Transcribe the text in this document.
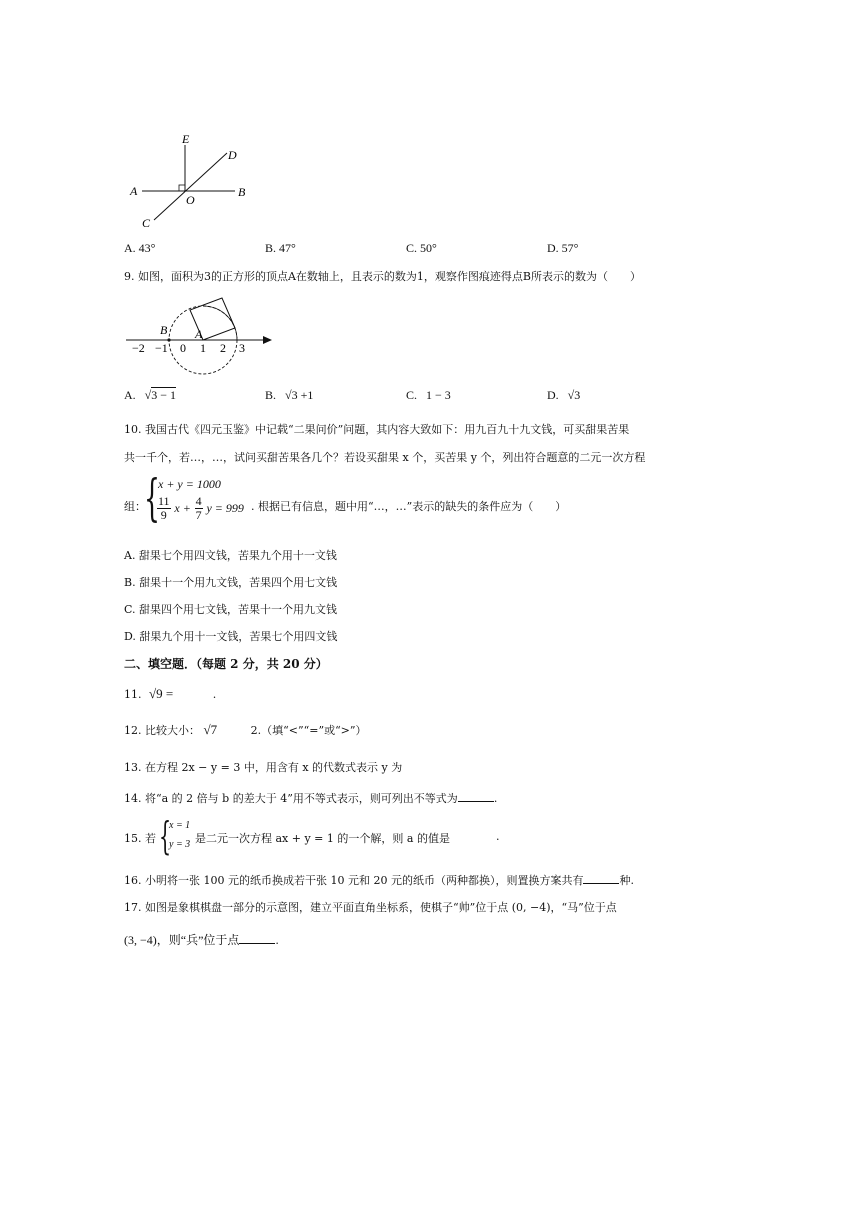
E
D
A	B
O
C
A. 43°	B. 47°	C. 50°	D. 57°
9. 如图，面积为3的正方形的顶点A在数轴上，且表示的数为1，观察作图痕迹得点B所表示的数为（　　）
B A
−2 −1 0 1 2 3
A. √3 − 1	B. √3 +1	C. 1 − 3	D. √3
10. 我国古代《四元玉鉴》中记载“二果问价”问题，其内容大致如下：用九百九十九文钱，可买甜果苦果
共一千个，若…，…，试问买甜苦果各几个？若设买甜果 x 个，买苦果 y 个，列出符合题意的二元一次方程
组：
{
x + y = 1000
$\frac{11}{9}$ $x + \frac{4}{7}$ y = 999 . 根据已有信息，题中用“…，…”表示的缺失的条件应为（　　）
A. 甜果七个用四文钱，苦果九个用十一文钱
B. 甜果十一个用九文钱，苦果四个用七文钱
C. 甜果四个用七文钱，苦果十一个用九文钱
D. 甜果九个用十一文钱，苦果七个用四文钱
二、填空题．（每题 2 分，共 20 分）
11. √9 =	.
12. 比较大小： √7	2.（填“<”“=”或“>”）
13. 在方程 2x − y = 3 中，用含有 x 的代数式表示 y 为
14. 将“a 的 2 倍与 b 的差大于 4”用不等式表示，则可列出不等式为	.
15. 若 {
x = 1
y = 3 是二元一次方程 ax + y = 1 的一个解，则 a 的值是	.
16. 小明将一张 100 元的纸币换成若干张 10 元和 20 元的纸币（两种都换），则置换方案共有	种.
17. 如图是象棋棋盘一部分的示意图，建立平面直角坐标系，使棋子“帅”位于点 (0, −4)，“马”位于点
(3, −4)，则“兵”位于点	.
